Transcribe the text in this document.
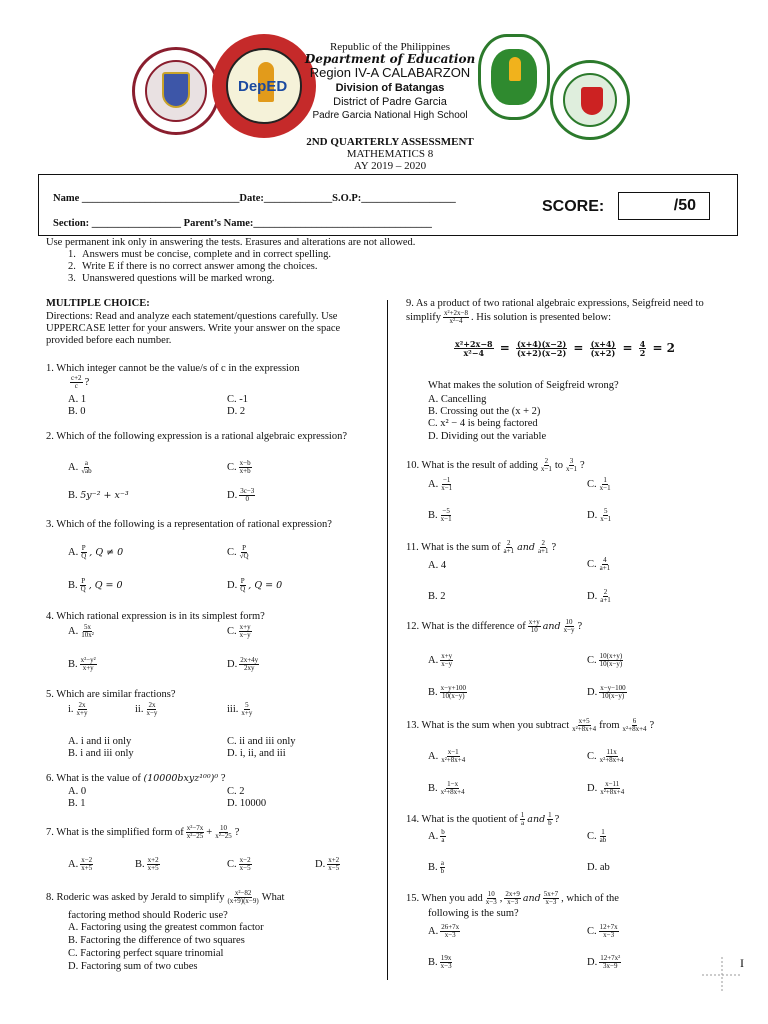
DepED
Republic of the Philippines
Department of Education
Region IV-A CALABARZON
Division of Batangas
District of Padre Garcia
Padre Garcia National High School
2ND QUARTERLY ASSESSMENT
MATHEMATICS 8
AY 2019 – 2020
Name ______________________________Date:_____________S.O.P:__________________
Section: _________________ Parent’s Name:__________________________________
SCORE:	/50
Use permanent ink only in answering the tests. Erasures and alterations are not allowed.
1. Answers must be concise, complete and in correct spelling.
2. Write E if there is no correct answer among the choices.
3. Unanswered questions will be marked wrong.
MULTIPLE CHOICE:
Directions: Read and analyze each statement/questions carefully. Use UPPERCASE letter for your answers. Write your answer on the space provided before each number.
1. Which integer cannot be the value/s of c in the expression
$\frac{c+2}{c}$ ?
A. 1
B. 0
C. -1
D. 2
2. Which of the following expression is a rational algebraic expression?
A. $\frac{a}{√ab}$	C. $\frac{x-b}{x+b}$
B. 5y⁻² + x⁻³	D. $\frac{3c-3}{0}$
3. Which of the following is a representation of rational expression?
A. $\frac{P}{Q}$ , Q ≠ 0	C. $\frac{P}{√Q}$
B. $\frac{P}{Q}$ , Q = 0	D. $\frac{P}{Q}$ , Q = 0
4. Which rational expression is in its simplest form?
A. $\frac{5x}{\text{10x²}}$	C. $\frac{x+y}{x-y}$
B. $\frac{\text{x²−y²}}{x+y}$	D. $\frac{2x+4y}{2xy}$
5. Which are similar fractions?
i. $\frac{2x}{x+y}$	ii. $\frac{2x}{x-y}$	iii. $\frac{5}{x+y}$
A. i and ii only
B. i and iii only
C. ii and iii only
D. i, ii, and iii
6. What is the value of (10000bxyz¹⁰⁰)⁰ ?
A. 0
B. 1
C. 2
D. 10000
7. What is the simplified form of $\frac{\text{x²−7x}}{\text{x²−25}} + \frac{10}{\text{x²−25}}$ ?
A. $\frac{x-2}{x+5}$	B. $\frac{x+2}{x+5}$	C. $\frac{x-2}{x-5}$	D. $\frac{x+2}{x-5}$
8. Roderic was asked by Jerald to simplify $\frac{\text{x²−82}}{(x+9)(x-9)}$ What
factoring method should Roderic use?
A. Factoring using the greatest common factor
B. Factoring the difference of two squares
C. Factoring perfect square trinomial
D. Factoring sum of two cubes
9. As a product of two rational algebraic expressions, Seigfreid need to simplify $\frac{\text{x²+2x−8}}{\text{x²−4}}$ . His solution is presented below:
$\frac{\text{x²+2x−8}}{\text{x²−4}} = \frac{(x+4)(x-2)}{(x+2)(x-2)} = \frac{(x+4)}{(x+2)} = \frac{4}{2} = 2$
What makes the solution of Seigfreid wrong?
A. Cancelling
B. Crossing out the (x + 2)
C. x² − 4 is being factored
D. Dividing out the variable
10. What is the result of adding $\frac{2}{x-1}$ to $\frac{3}{x-1}$ ?
A. $\frac{-1}{x-1}$	C. $\frac{1}{x-1}$
B. $\frac{-5}{x-1}$	D. $\frac{5}{x-1}$
11. What is the sum of $\frac{2}{a+1}$ and $\frac{2}{a+1}$ ?
A. 4	C. $\frac{4}{a+1}$
B. 2	D. $\frac{2}{a+1}$
12. What is the difference of $\frac{x+y}{10}$ and $\frac{10}{x-y}$ ?
A. $\frac{x+y}{x-y}$	C. $\frac{10(x+y)}{10(x-y)}$
B. $\frac{x-y+100}{10(x-y)}$	D. $\frac{x-y-100}{10(x-y)}$
13. What is the sum when you subtract $\frac{x+5}{\text{x²+8x+4}}$ from $\frac{6}{\text{x²+8x+4}}$ ?
A. $\frac{x-1}{\text{x²+8x+4}}$	C. $\frac{11x}{\text{x²+8x+4}}$
B. $\frac{1-x}{\text{x²+8x+4}}$	D. $\frac{x-11}{\text{x²+8x+4}}$
14. What is the quotient of $\frac{1}{a}$ and $\frac{1}{b}$ ?
A. $\frac{b}{a}$	C. $\frac{1}{ab}$
B. $\frac{a}{b}$	D. ab
15. When you add $\frac{10}{x-3}$ , $\frac{2x+9}{x-3}$ and $\frac{5x+7}{x-3}$ , which of the
following is the sum?
A. $\frac{26+7x}{x-3}$	C. $\frac{12+7x}{x-3}$
B. $\frac{19x}{x-3}$	D. $\frac{\text{12+7x²}}{3x-9}$	I
